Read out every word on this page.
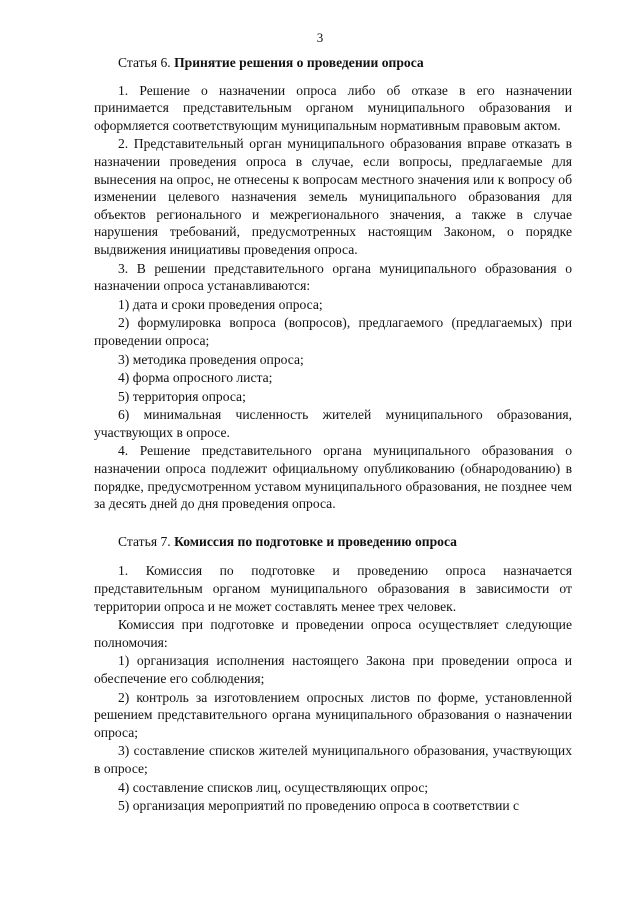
3
Статья 6. Принятие решения о проведении опроса

1. Решение о назначении опроса либо об отказе в его назначении принимается представительным органом муниципального образования и оформляется соответствующим муниципальным нормативным правовым актом.

2. Представительный орган муниципального образования вправе отказать в назначении проведения опроса в случае, если вопросы, предлагаемые для вынесения на опрос, не отнесены к вопросам местного значения или к вопросу об изменении целевого назначения земель муниципального образования для объектов регионального и межрегионального значения, а также в случае нарушения требований, предусмотренных настоящим Законом, о порядке выдвижения инициативы проведения опроса.

3. В решении представительного органа муниципального образования о назначении опроса устанавливаются:

1) дата и сроки проведения опроса;

2) формулировка вопроса (вопросов), предлагаемого (предлагаемых) при проведении опроса;

3) методика проведения опроса;

4) форма опросного листа;

5) территория опроса;

6) минимальная численность жителей муниципального образования, участвующих в опросе.

4. Решение представительного органа муниципального образования о назначении опроса подлежит официальному опубликованию (обнародованию) в порядке, предусмотренном уставом муниципального образования, не позднее чем за десять дней до дня проведения опроса.

Статья 7. Комиссия по подготовке и проведению опроса

1. Комиссия по подготовке и проведению опроса назначается представительным органом муниципального образования в зависимости от территории опроса и не может составлять менее трех человек.

Комиссия при подготовке и проведении опроса осуществляет следующие полномочия:

1) организация исполнения настоящего Закона при проведении опроса и обеспечение его соблюдения;

2) контроль за изготовлением опросных листов по форме, установленной решением представительного органа муниципального образования о назначении опроса;

3) составление списков жителей муниципального образования, участвующих в опросе;

4) составление списков лиц, осуществляющих опрос;

5) организация мероприятий по проведению опроса в соответствии с
